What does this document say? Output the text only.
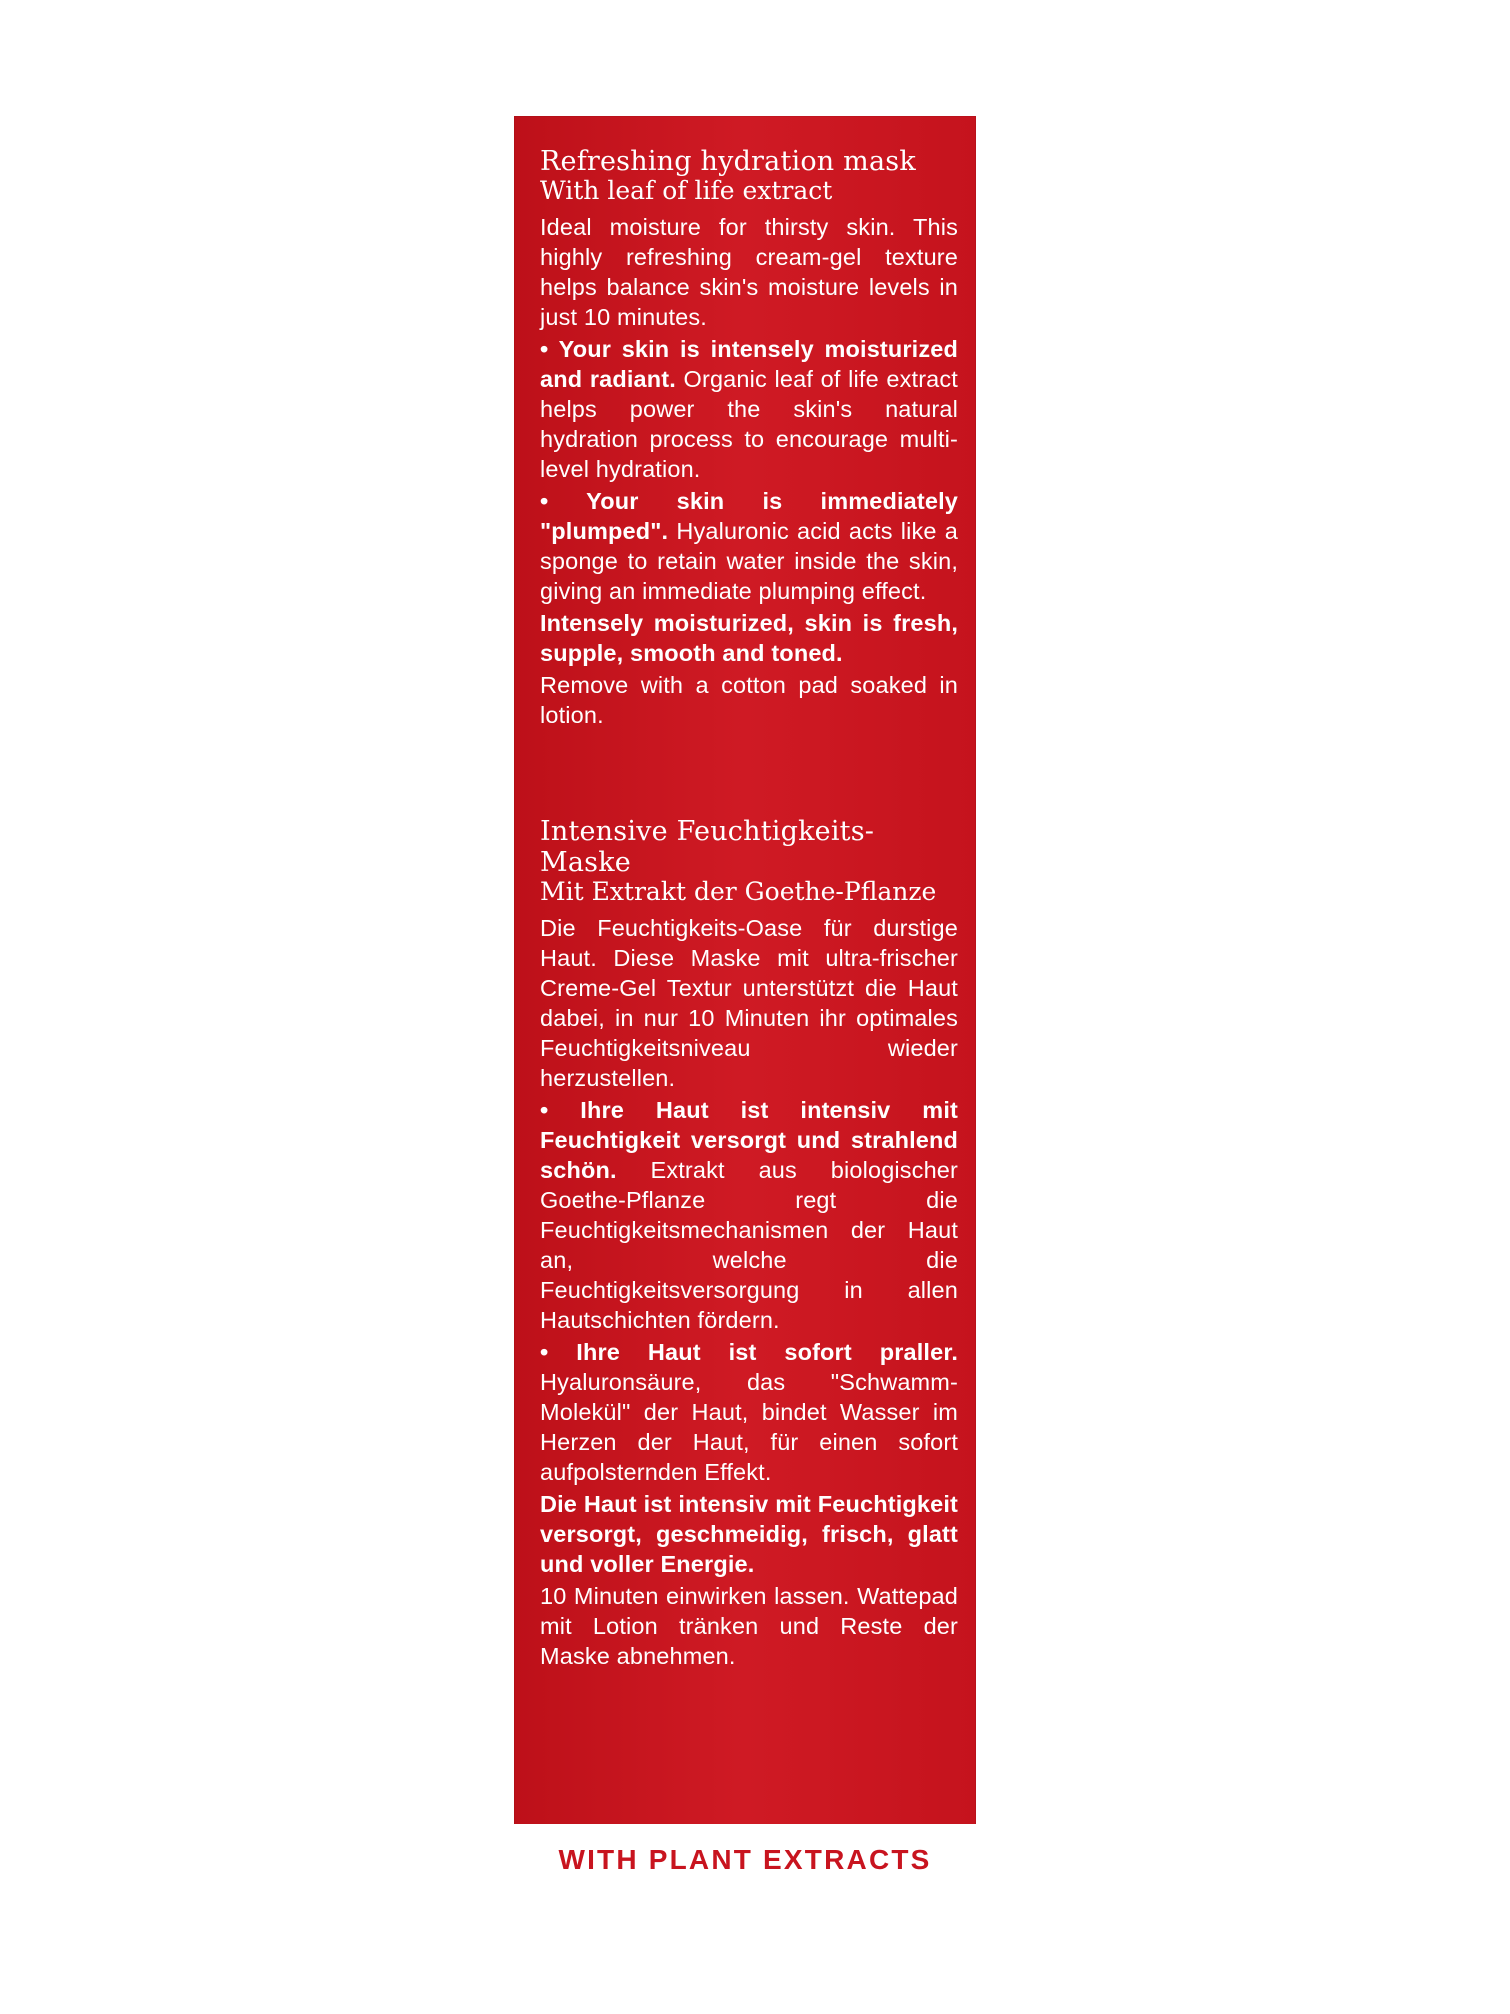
Refreshing hydration mask
With leaf of life extract

Ideal moisture for thirsty skin. This highly refreshing cream-gel texture helps balance skin's moisture levels in just 10 minutes.

• Your skin is intensely moisturized and radiant. Organic leaf of life extract helps power the skin's natural hydration process to encourage multi-level hydration.

• Your skin is immediately "plumped". Hyaluronic acid acts like a sponge to retain water inside the skin, giving an immediate plumping effect.

Intensely moisturized, skin is fresh, supple, smooth and toned.

Remove with a cotton pad soaked in lotion.

Intensive Feuchtigkeits-Maske
Mit Extrakt der Goethe-Pflanze

Die Feuchtigkeits-Oase für durstige Haut. Diese Maske mit ultra-frischer Creme-Gel Textur unterstützt die Haut dabei, in nur 10 Minuten ihr optimales Feuchtigkeitsniveau wieder herzustellen.

• Ihre Haut ist intensiv mit Feuchtigkeit versorgt und strahlend schön. Extrakt aus biologischer Goethe-Pflanze regt die Feuchtigkeitsmechanismen der Haut an, welche die Feuchtigkeitsversorgung in allen Hautschichten fördern.

• Ihre Haut ist sofort praller. Hyaluronsäure, das "Schwamm-Molekül" der Haut, bindet Wasser im Herzen der Haut, für einen sofort aufpolsternden Effekt.

Die Haut ist intensiv mit Feuchtigkeit versorgt, geschmeidig, frisch, glatt und voller Energie.

10 Minuten einwirken lassen. Wattepad mit Lotion tränken und Reste der Maske abnehmen.

WITH PLANT EXTRACTS
